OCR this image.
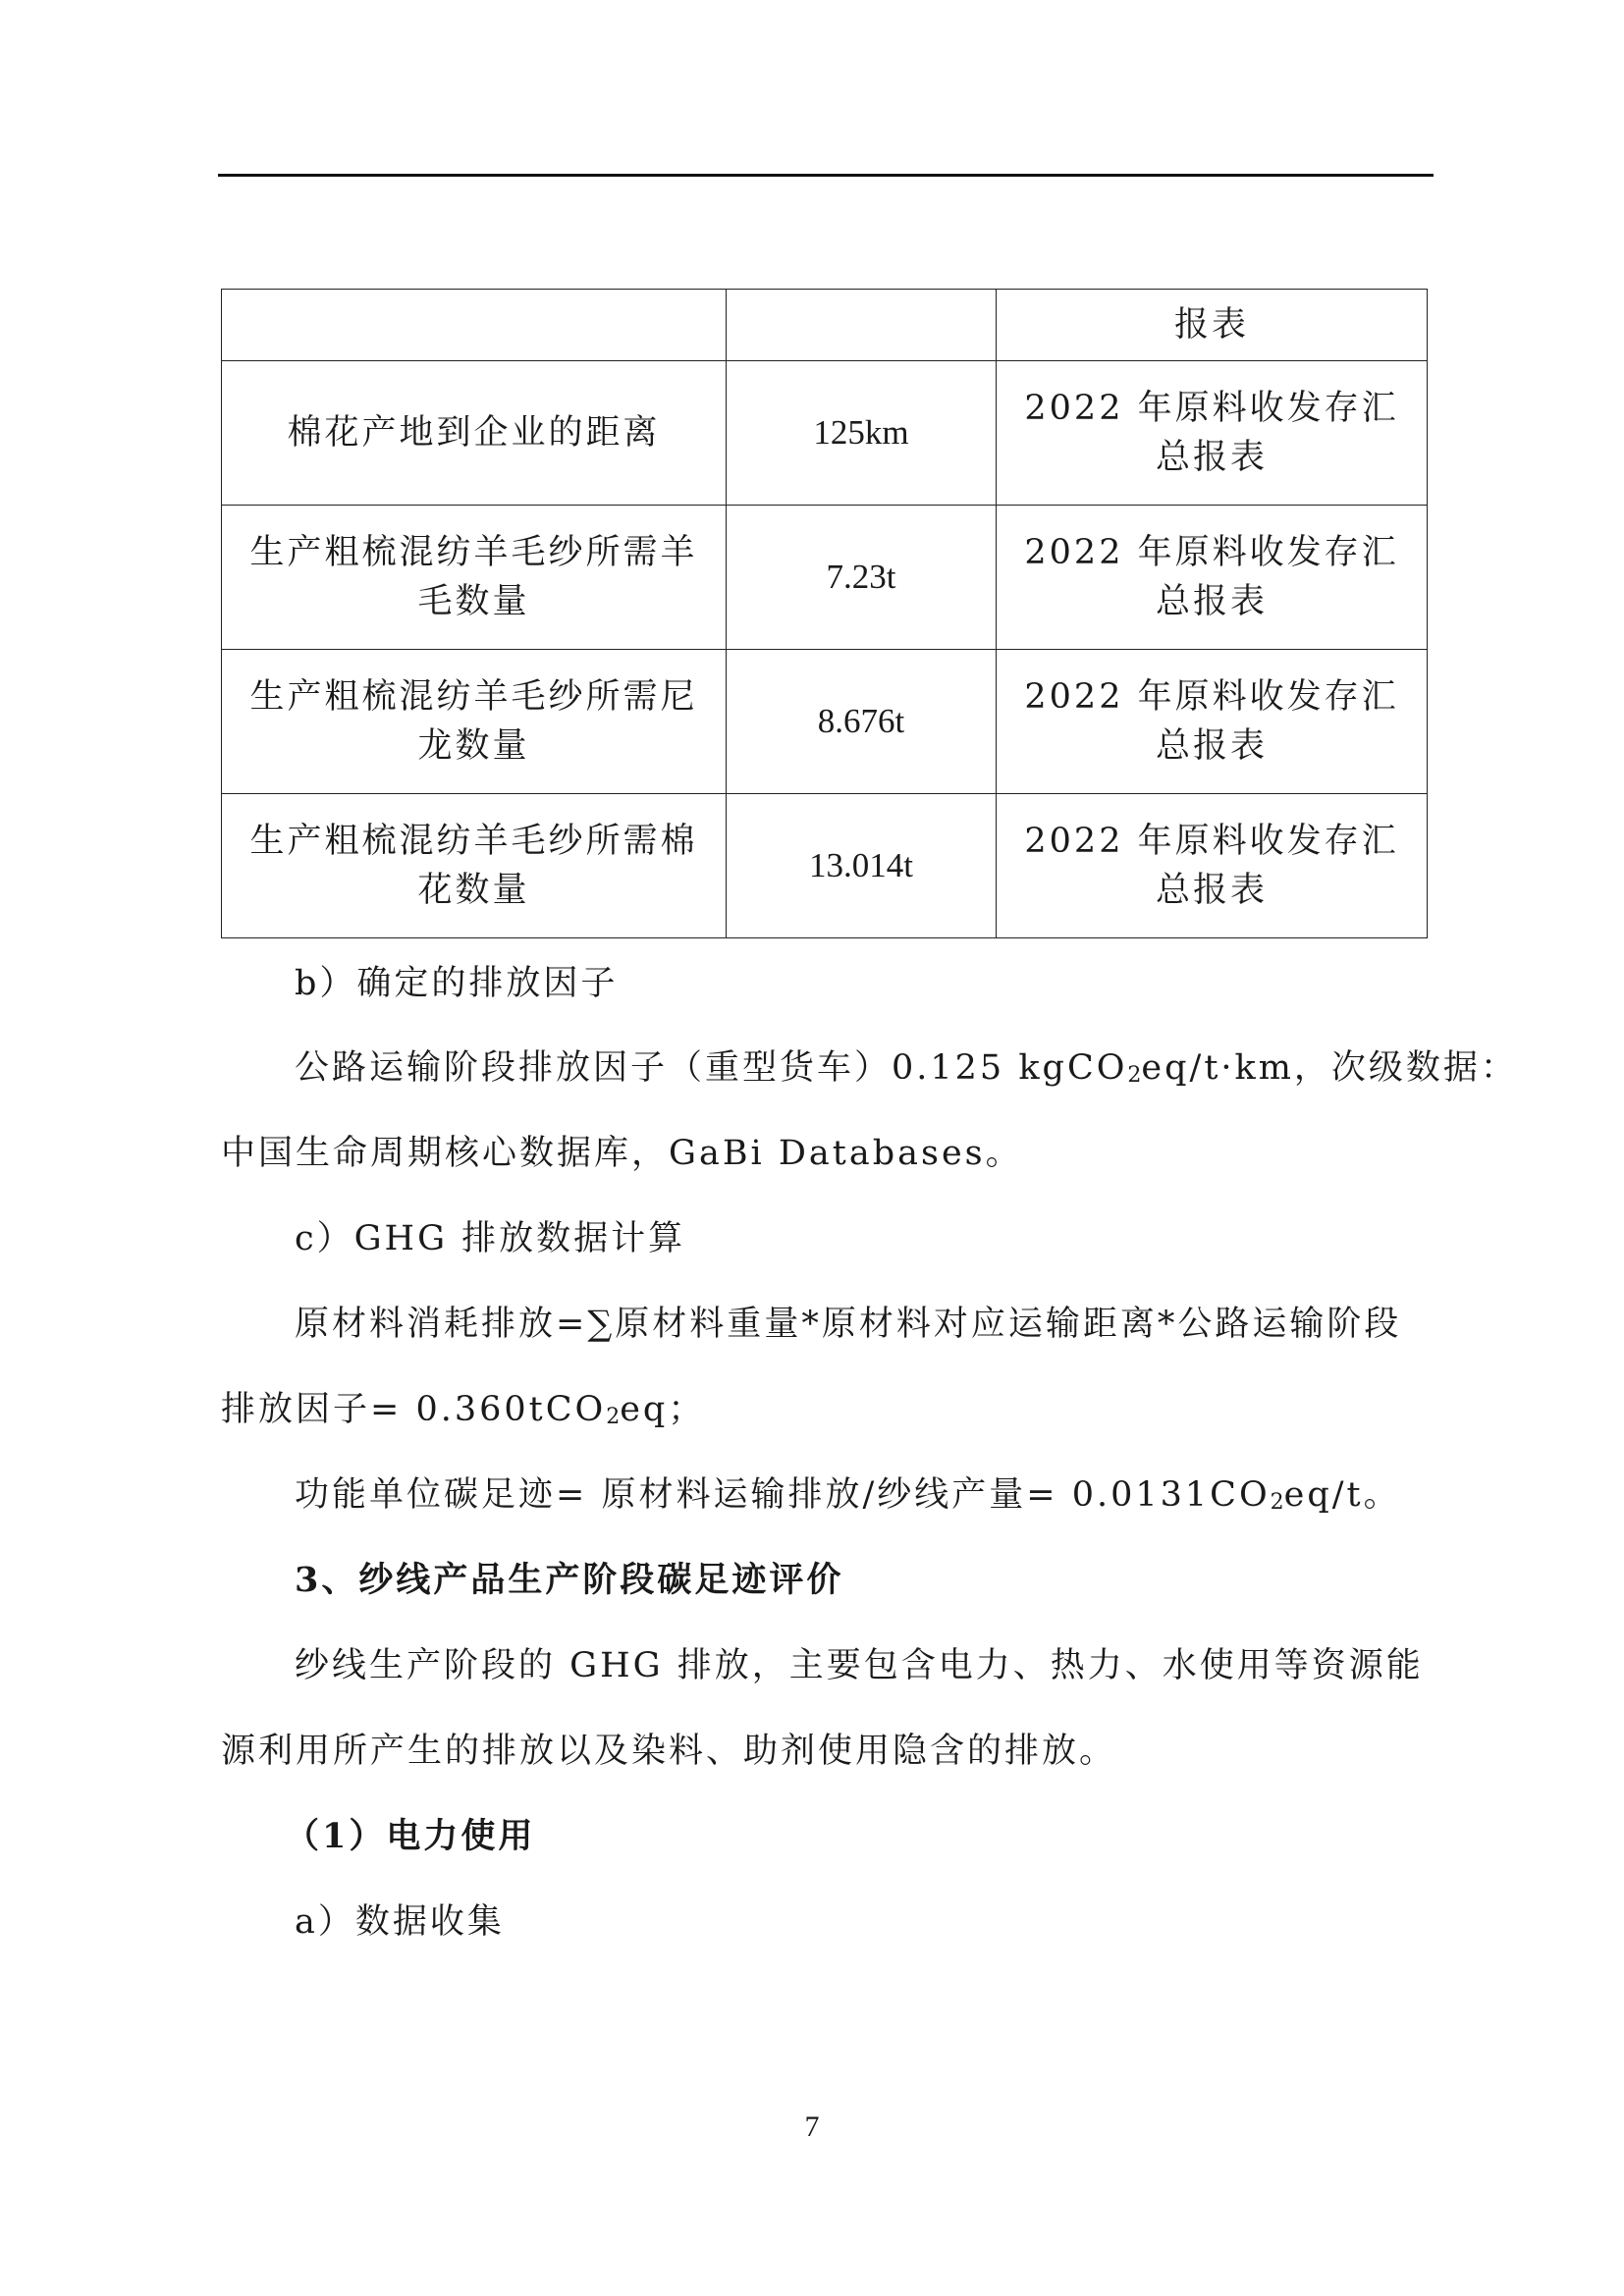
		报表
棉花产地到企业的距离	125km	2022 年原料收发存汇总报表
生产粗梳混纺羊毛纱所需羊毛数量	7.23t	2022 年原料收发存汇总报表
生产粗梳混纺羊毛纱所需尼龙数量	8.676t	2022 年原料收发存汇总报表
生产粗梳混纺羊毛纱所需棉花数量	13.014t	2022 年原料收发存汇总报表
b）确定的排放因子
公路运输阶段排放因子（重型货车）0.125 kgCO$_2$eq/t·km，次级数据：
中国生命周期核心数据库，GaBi Databases。
c）GHG 排放数据计算
原材料消耗排放=∑原材料重量*原材料对应运输距离*公路运输阶段
排放因子= 0.360tCO$_2$eq；
功能单位碳足迹= 原材料运输排放/纱线产量= $0.0131CO_2eq/t$。
3、纱线产品生产阶段碳足迹评价
纱线生产阶段的 GHG 排放，主要包含电力、热力、水使用等资源能
源利用所产生的排放以及染料、助剂使用隐含的排放。
（1）电力使用
a）数据收集
7
